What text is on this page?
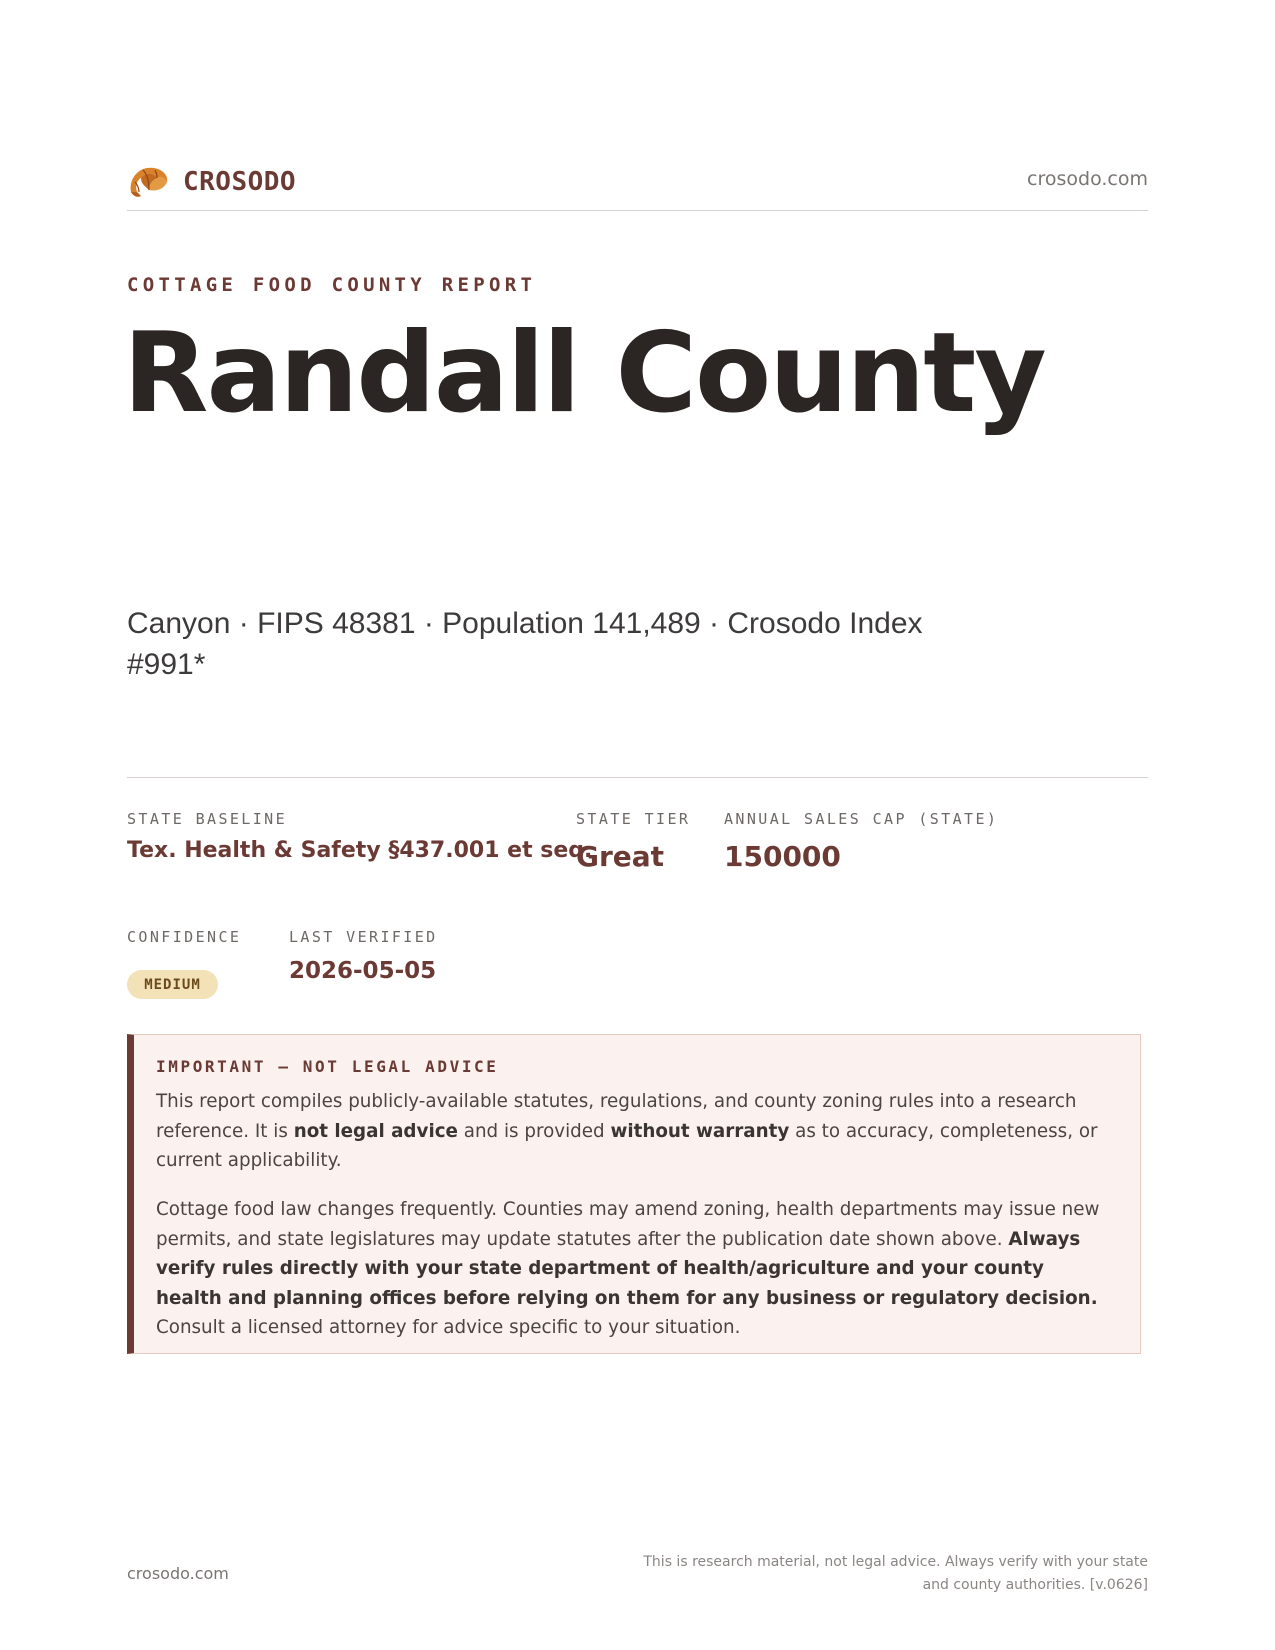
CROSODO	crosodo.com
COTTAGE FOOD COUNTY REPORT
Randall County
Canyon · FIPS 48381 · Population 141,489 · Crosodo Index #991*
STATE BASELINE
Tex. Health & Safety §437.001 et seq.
STATE TIER
Great
ANNUAL SALES CAP (STATE)
150000
CONFIDENCE
MEDIUM
LAST VERIFIED
2026-05-05
IMPORTANT — NOT LEGAL ADVICE

This report compiles publicly-available statutes, regulations, and county zoning rules into a research reference. It is not legal advice and is provided without warranty as to accuracy, completeness, or current applicability.

Cottage food law changes frequently. Counties may amend zoning, health departments may issue new permits, and state legislatures may update statutes after the publication date shown above. Always verify rules directly with your state department of health/agriculture and your county health and planning offices before relying on them for any business or regulatory decision. Consult a licensed attorney for advice specific to your situation.

crosodo.com
This is research material, not legal advice. Always verify with your state
and county authorities. [v.0626]
